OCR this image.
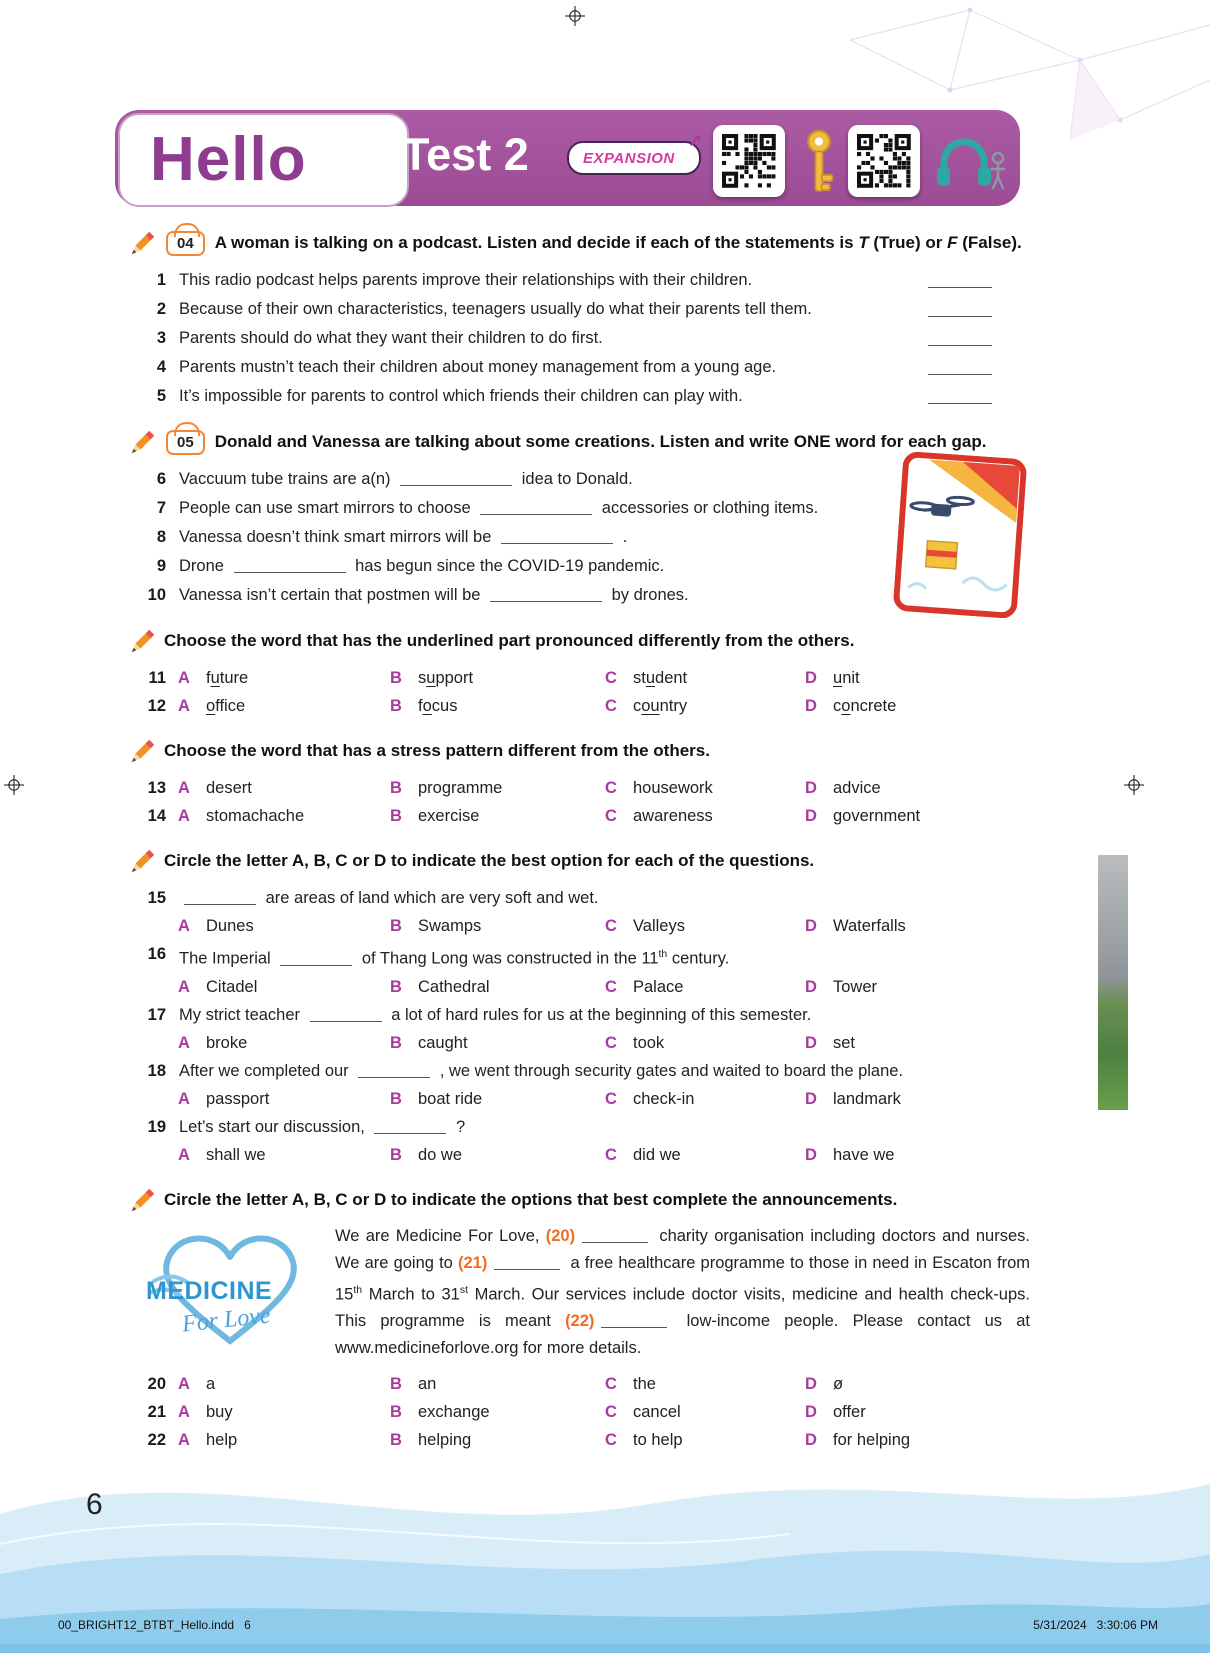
Hello Test 2	EXPANSION
↗
04	A woman is talking on a podcast. Listen and decide if each of the statements is T (True) or F (False).
1 This radio podcast helps parents improve their relationships with their children.
2 Because of their own characteristics, teenagers usually do what their parents tell them.
3 Parents should do what they want their children to do first.
4 Parents mustn’t teach their children about money management from a young age.
5 It’s impossible for parents to control which friends their children can play with.
05	Donald and Vanessa are talking about some creations. Listen and write ONE word for each gap.
6 Vaccuum tube trains are a(n)	idea to Donald.
7 People can use smart mirrors to choose	accessories or clothing items.
8 Vanessa doesn’t think smart mirrors will be	.
9 Drone	has begun since the COVID-19 pandemic.
10 Vanessa isn’t certain that postmen will be	by drones.
Choose the word that has the underlined part pronounced differently from the others.
11 A future	B support	C student	D unit
12 A office	B focus	C country	D concrete
Choose the word that has a stress pattern different from the others.
13 A desert	B programme	C housework	D advice
14 A stomachache	B exercise	C awareness	D government
Circle the letter A, B, C or D to indicate the best option for each of the questions.
15	are areas of land which are very soft and wet.
A Dunes	B Swamps	C Valleys	D Waterfalls
16 The Imperial	of Thang Long was constructed in the 11th century.
A Citadel	B Cathedral	C Palace	D Tower
17 My strict teacher	a lot of hard rules for us at the beginning of this semester.
A broke	B caught	C took	D set
18 After we completed our	, we went through security gates and waited to board the plane.
A passport	B boat ride	C check-in	D landmark
19 Let’s start our discussion,	?
A shall we	B do we	C did we	D have we
Circle the letter A, B, C or D to indicate the options that best complete the announcements.
MEDICINE
For Love

We are Medicine For Love, (20)	charity organisation including doctors and nurses. We are going to (21)	a free healthcare programme to those in need in Escaton from 15th March to 31st March. Our services include doctor visits, medicine and health check-ups. This programme is meant (22)	low-income people. Please contact us at www.medicineforlove.org for more details.

20 A a	B an	C the	D ø
21 A buy	B exchange	C cancel	D offer
22 A help	B helping	C to help	D for helping
6
00_BRIGHT12_BTBT_Hello.indd   6	5/31/2024   3:30:06 PM
